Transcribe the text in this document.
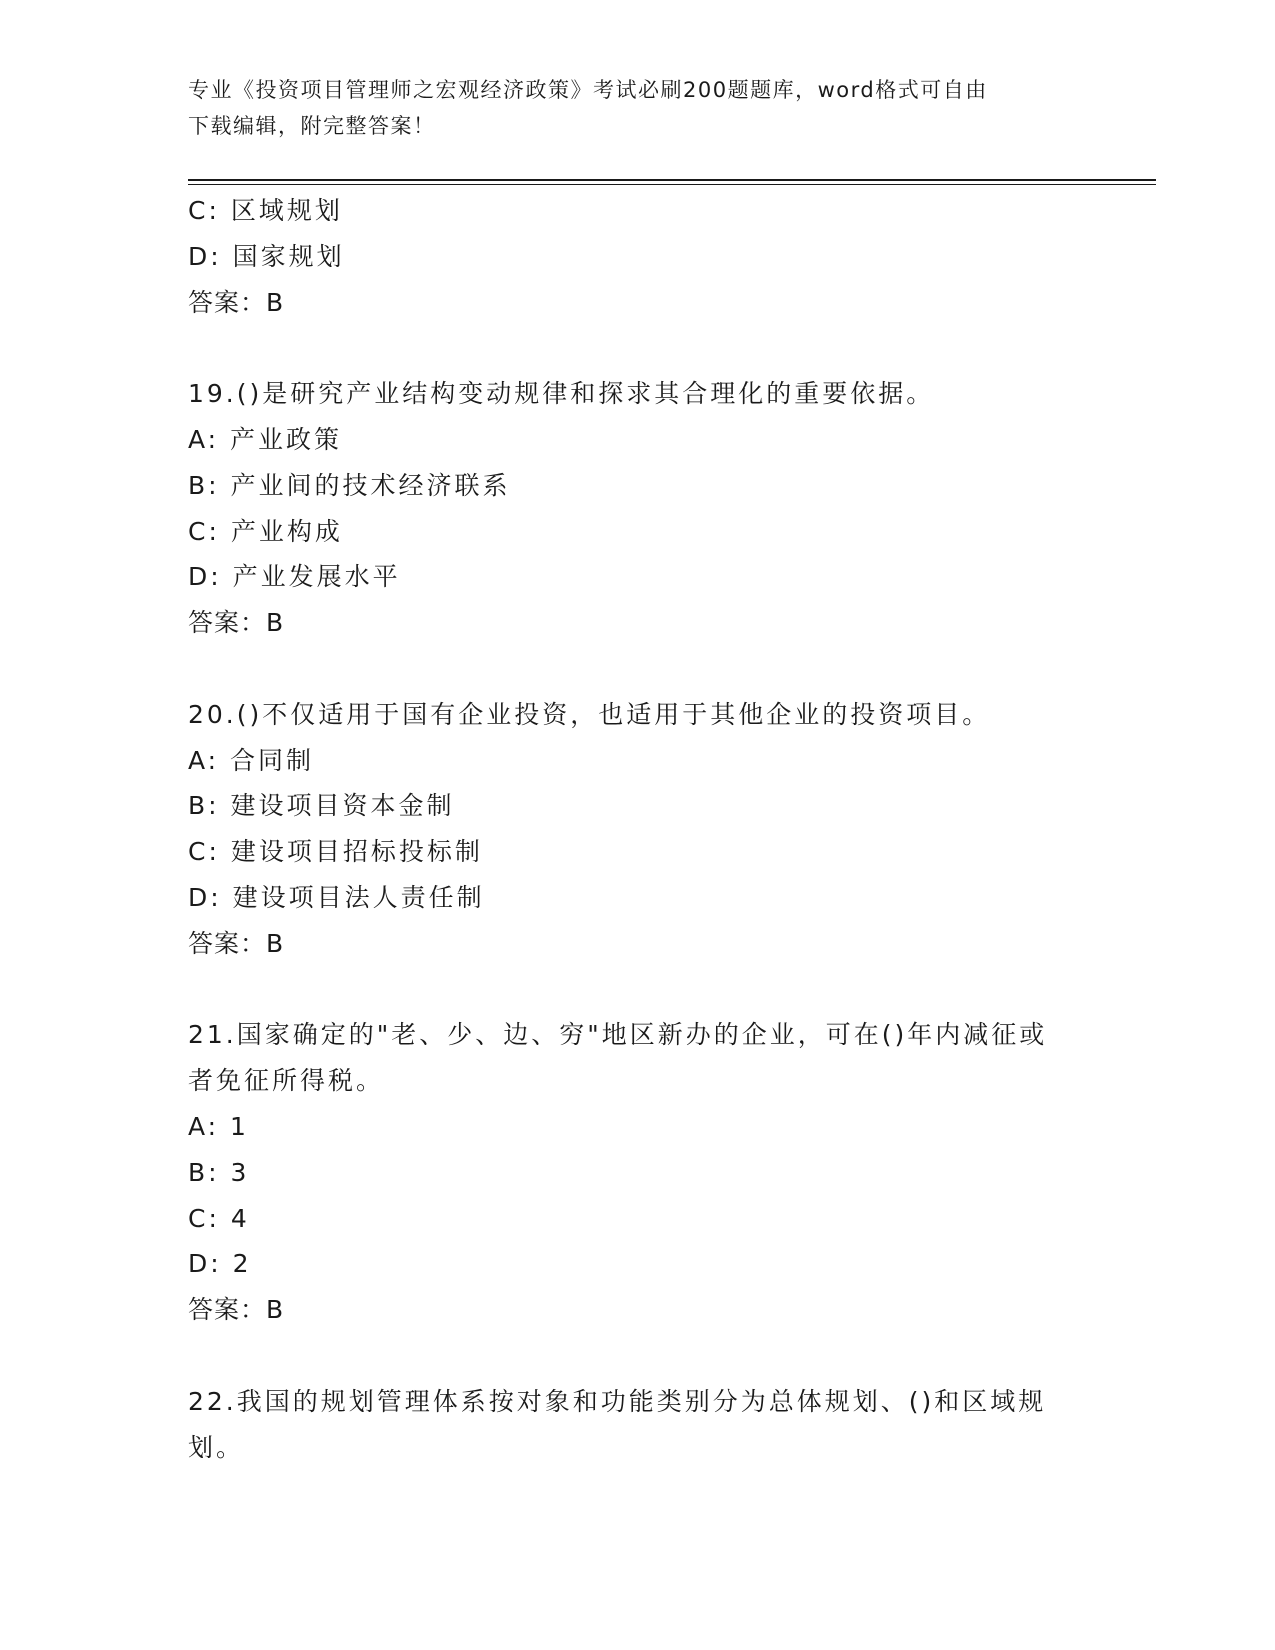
专业《投资项目管理师之宏观经济政策》考试必刷200题题库，word格式可自由
下载编辑，附完整答案！
C: 区域规划
D: 国家规划
答案：B
19.()是研究产业结构变动规律和探求其合理化的重要依据。
A: 产业政策
B: 产业间的技术经济联系
C: 产业构成
D: 产业发展水平
答案：B
20.()不仅适用于国有企业投资，也适用于其他企业的投资项目。
A: 合同制
B: 建设项目资本金制
C: 建设项目招标投标制
D: 建设项目法人责任制
答案：B
21.国家确定的"老、少、边、穷"地区新办的企业，可在()年内减征或
者免征所得税。
A: 1
B: 3
C: 4
D: 2
答案：B
22.我国的规划管理体系按对象和功能类别分为总体规划、()和区域规
划。
